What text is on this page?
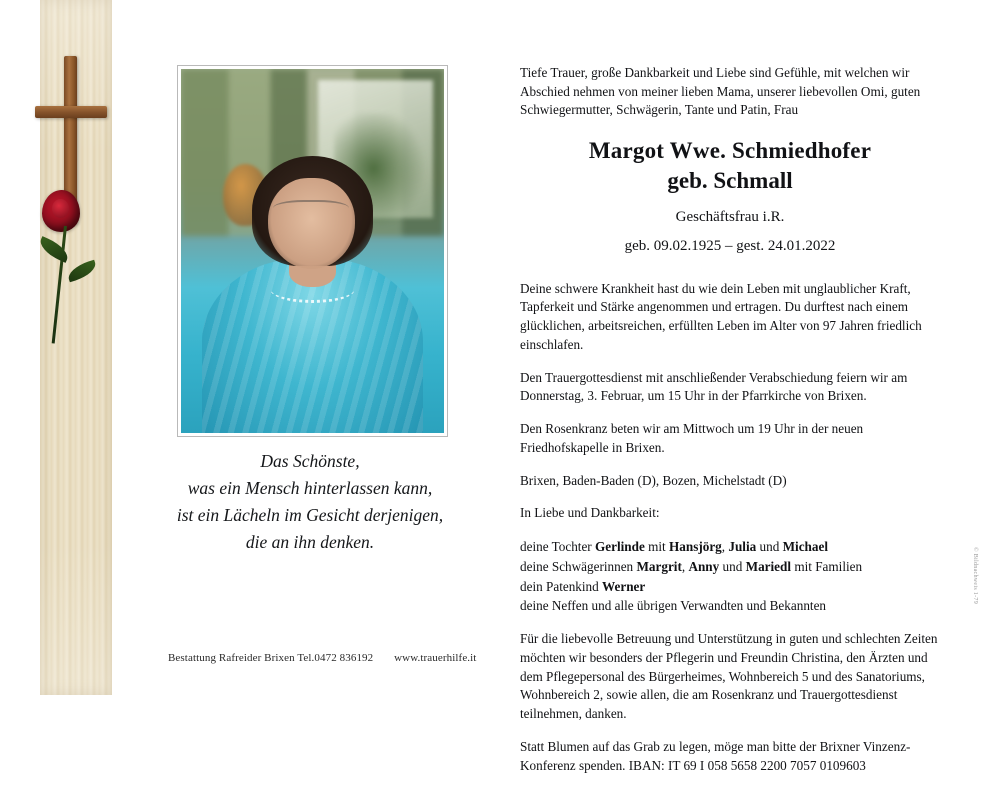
Das Schönste,
was ein Mensch hinterlassen kann,
ist ein Lächeln im Gesicht derjenigen,
die an ihn denken.
Bestattung Rafreider Brixen Tel.0472 836192 www.trauerhilfe.it

Tiefe Trauer, große Dankbarkeit und Liebe sind Gefühle, mit welchen wir Abschied nehmen von meiner lieben Mama, unserer liebevollen Omi, guten Schwiegermutter, Schwägerin, Tante und Patin, Frau

Margot Wwe. Schmiedhofer
geb. Schmall
Geschäftsfrau i.R.
geb. 09.02.1925 – gest. 24.01.2022

Deine schwere Krankheit hast du wie dein Leben mit unglaublicher Kraft, Tapferkeit und Stärke angenommen und ertragen. Du durftest nach einem glücklichen, arbeitsreichen, erfüllten Leben im Alter von 97 Jahren friedlich einschlafen.

Den Trauergottesdienst mit anschließender Verabschiedung feiern wir am Donnerstag, 3. Februar, um 15 Uhr in der Pfarrkirche von Brixen.

Den Rosenkranz beten wir am Mittwoch um 19 Uhr in der neuen Friedhofskapelle in Brixen.

Brixen, Baden-Baden (D), Bozen, Michelstadt (D)

In Liebe und Dankbarkeit:

deine Tochter Gerlinde mit Hansjörg, Julia und Michael
deine Schwägerinnen Margrit, Anny und Mariedl mit Familien
dein Patenkind Werner
deine Neffen und alle übrigen Verwandten und Bekannten

Für die liebevolle Betreuung und Unterstützung in guten und schlechten Zeiten möchten wir besonders der Pflegerin und Freundin Christina, den Ärzten und dem Pflegepersonal des Bürgerheimes, Wohnbereich 5 und des Sanatoriums, Wohnbereich 2, sowie allen, die am Rosenkranz und Trauergottesdienst teilnehmen, danken.

Statt Blumen auf das Grab zu legen, möge man bitte der Brixner Vinzenz-Konferenz spenden. IBAN: IT 69 I 058 5658 2200 7057 0109603

© Bildnachweis 1-79
